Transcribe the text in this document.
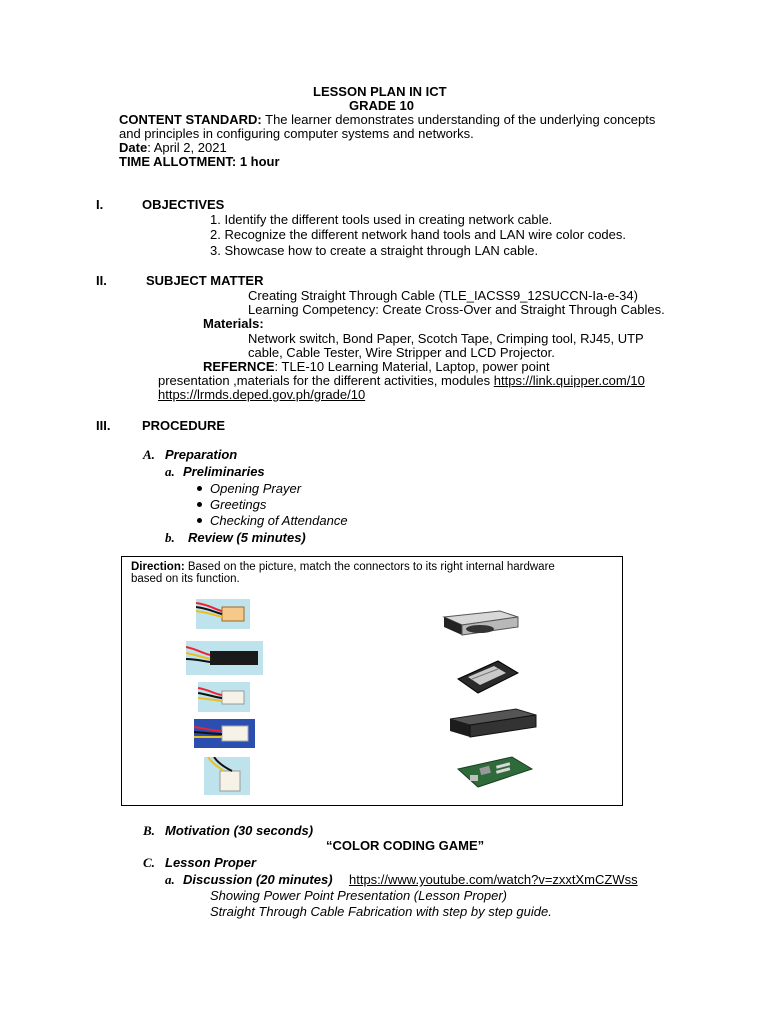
LESSON PLAN IN ICT
GRADE 10
CONTENT STANDARD: The learner demonstrates understanding of the underlying concepts
and principles in configuring computer systems and networks.
Date: April 2, 2021
TIME ALLOTMENT: 1 hour
I.	OBJECTIVES
1. Identify the different tools used in creating network cable.
2. Recognize the different network hand tools and LAN wire color codes.
3. Showcase how to create a straight through LAN cable.
II.	SUBJECT MATTER
Creating Straight Through Cable (TLE_IACSS9_12SUCCN-Ia-e-34)
Learning Competency: Create Cross-Over and Straight Through Cables.
Materials:
Network switch, Bond Paper, Scotch Tape, Crimping tool, RJ45, UTP
cable, Cable Tester, Wire Stripper and LCD Projector.
REFERNCE: TLE-10 Learning Material, Laptop, power point
presentation ,materials for the different activities, modules https://link.quipper.com/10
https://lrmds.deped.gov.ph/grade/10
III. PROCEDURE
A. Preparation
a. Preliminaries
Opening Prayer
Greetings
Checking of Attendance
b. Review (5 minutes)
Direction: Based on the picture, match the connectors to its right internal hardware
based on its function.
B. Motivation (30 seconds)
“COLOR CODING GAME”
C. Lesson Proper
a. Discussion (20 minutes) https://www.youtube.com/watch?v=zxxtXmCZWss
Showing Power Point Presentation (Lesson Proper)
Straight Through Cable Fabrication with step by step guide.
